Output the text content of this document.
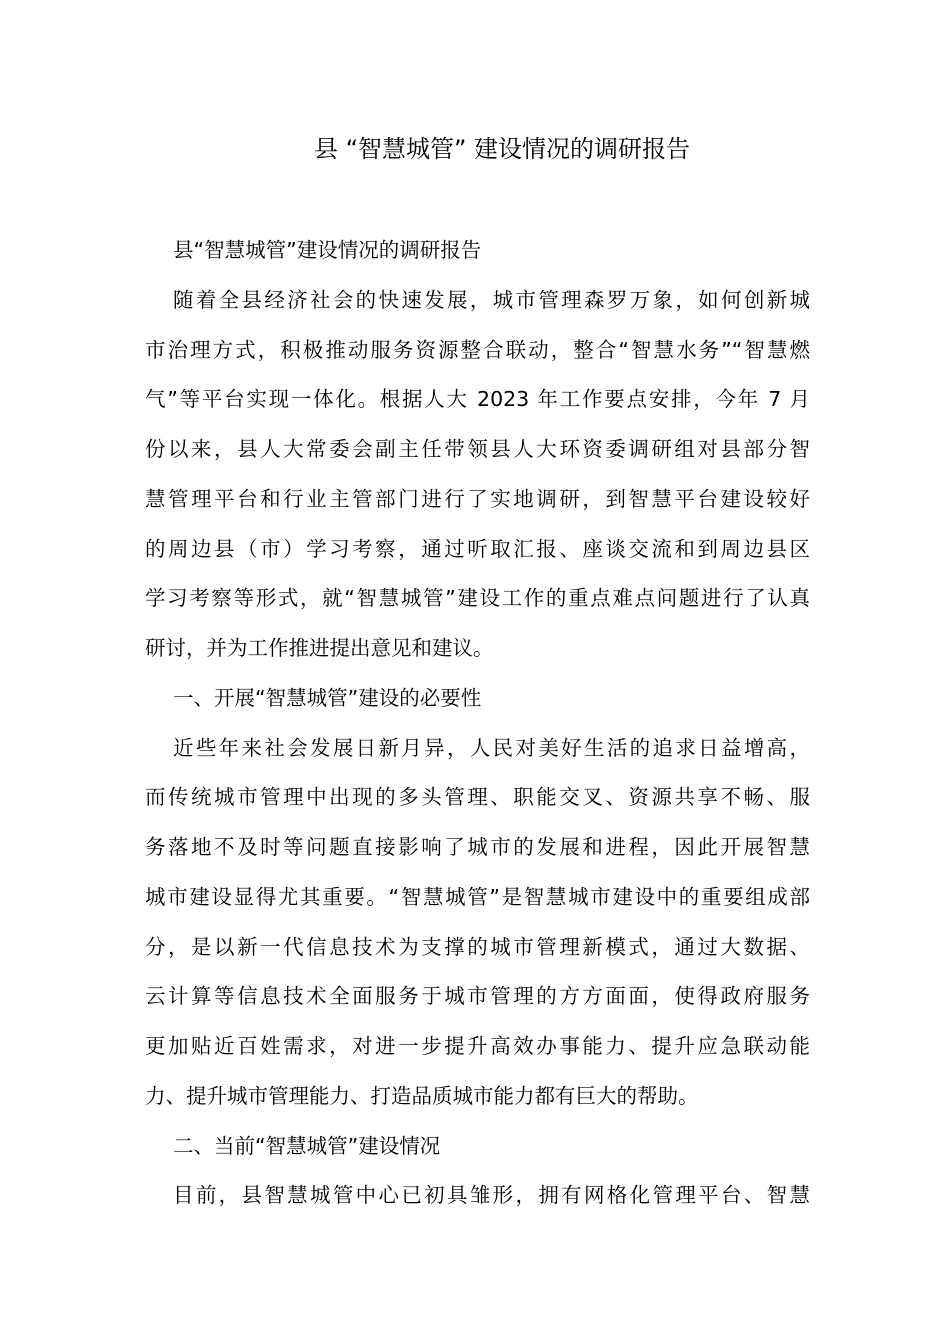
县 “智慧城管” 建设情况的调研报告
县“智慧城管”建设情况的调研报告
随着全县经济社会的快速发展，城市管理森罗万象，如何创新城
市治理方式，积极推动服务资源整合联动，整合“智慧水务”“智慧燃
气”等平台实现一体化。根据人大 2023 年工作要点安排，今年 7 月
份以来，县人大常委会副主任带领县人大环资委调研组对县部分智
慧管理平台和行业主管部门进行了实地调研，到智慧平台建设较好
的周边县（市）学习考察，通过听取汇报、座谈交流和到周边县区
学习考察等形式，就“智慧城管”建设工作的重点难点问题进行了认真
研讨，并为工作推进提出意见和建议。
一、开展“智慧城管”建设的必要性
近些年来社会发展日新月异，人民对美好生活的追求日益增高，
而传统城市管理中出现的多头管理、职能交叉、资源共享不畅、服
务落地不及时等问题直接影响了城市的发展和进程，因此开展智慧
城市建设显得尤其重要。“智慧城管”是智慧城市建设中的重要组成部
分，是以新一代信息技术为支撑的城市管理新模式，通过大数据、
云计算等信息技术全面服务于城市管理的方方面面，使得政府服务
更加贴近百姓需求，对进一步提升高效办事能力、提升应急联动能
力、提升城市管理能力、打造品质城市能力都有巨大的帮助。
二、当前“智慧城管”建设情况
目前，县智慧城管中心已初具雏形，拥有网格化管理平台、智慧
